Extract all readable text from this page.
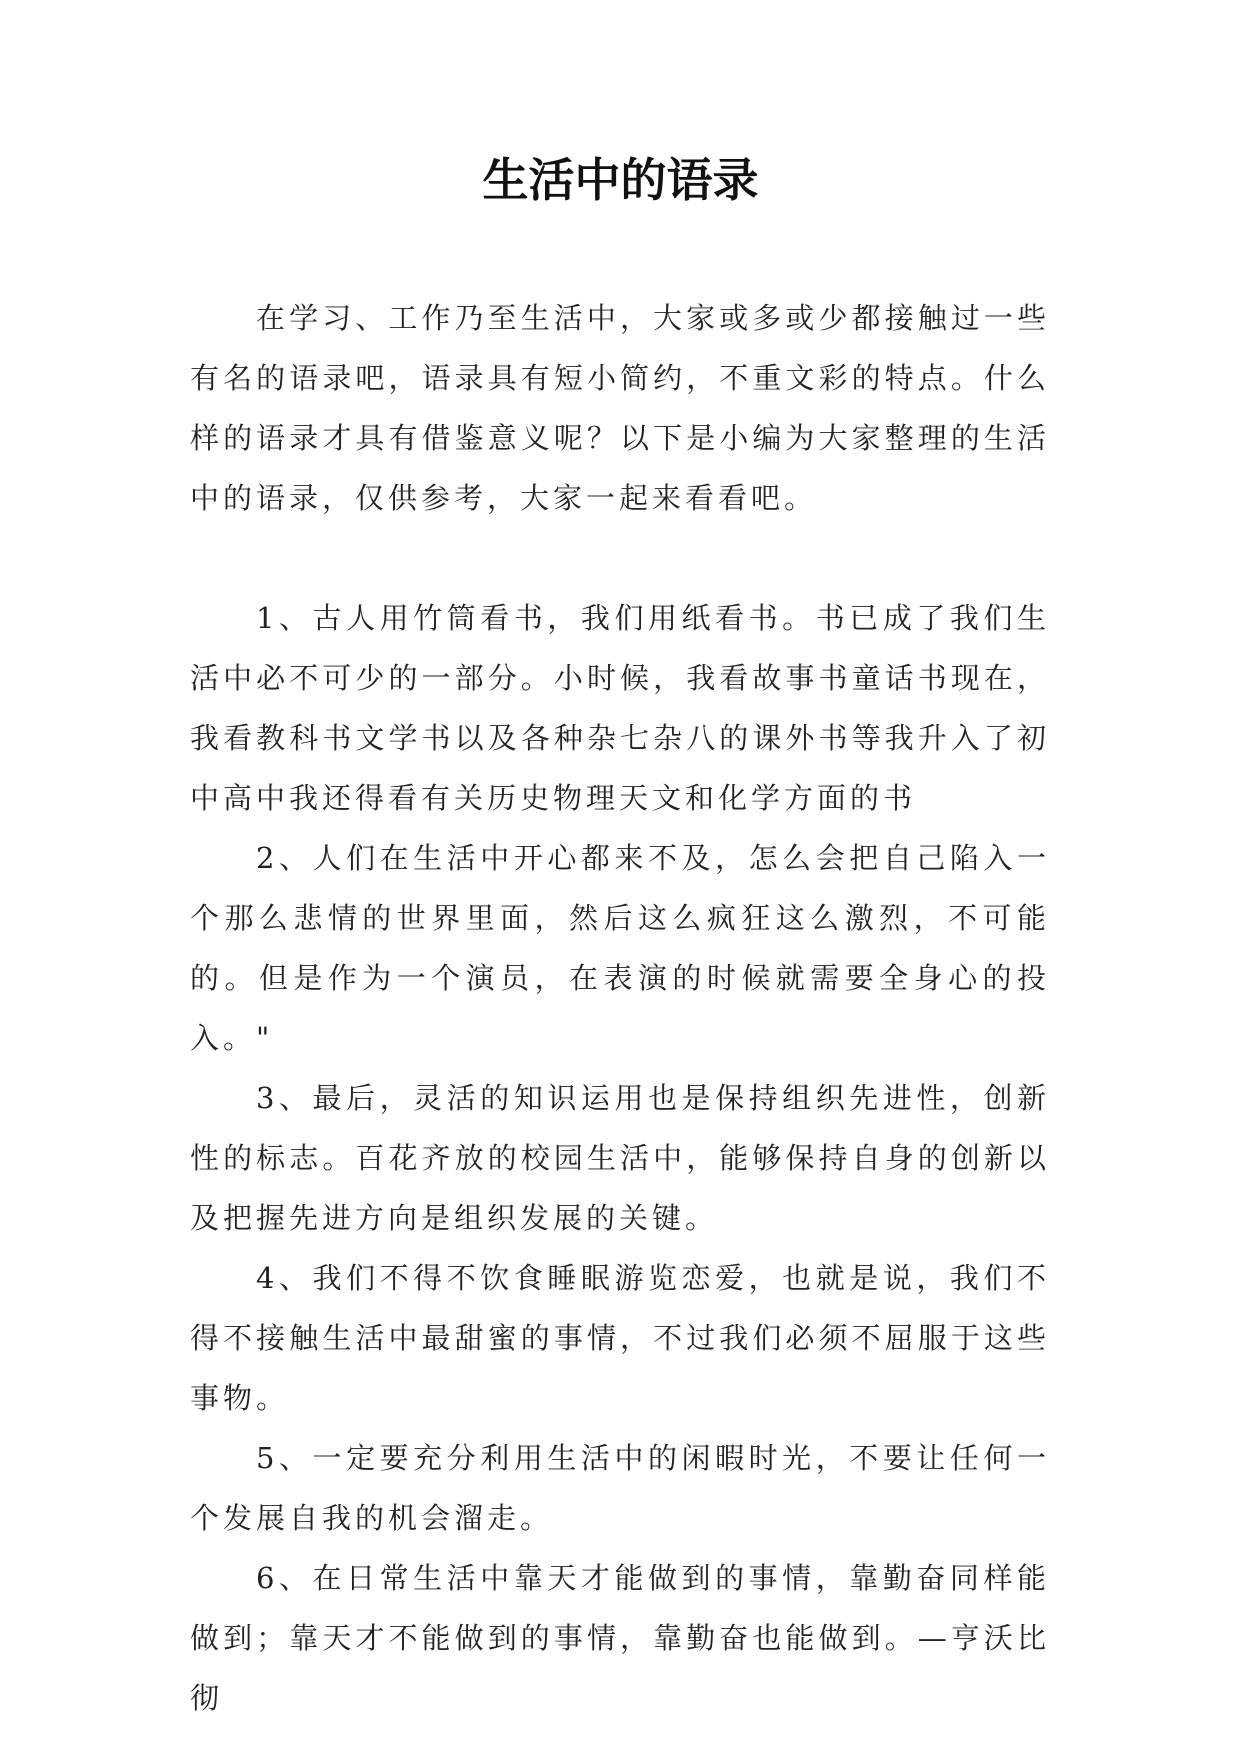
生活中的语录

在学习、工作乃至生活中，大家或多或少都接触过一些有名的语录吧，语录具有短小简约，不重文彩的特点。什么样的语录才具有借鉴意义呢？以下是小编为大家整理的生活中的语录，仅供参考，大家一起来看看吧。

1、古人用竹筒看书，我们用纸看书。书已成了我们生活中必不可少的一部分。小时候，我看故事书童话书现在，我看教科书文学书以及各种杂七杂八的课外书等我升入了初中高中我还得看有关历史物理天文和化学方面的书

2、人们在生活中开心都来不及，怎么会把自己陷入一个那么悲情的世界里面，然后这么疯狂这么激烈，不可能的。但是作为一个演员，在表演的时候就需要全身心的投入。"

3、最后，灵活的知识运用也是保持组织先进性，创新性的标志。百花齐放的校园生活中，能够保持自身的创新以及把握先进方向是组织发展的关键。

4、我们不得不饮食睡眠游览恋爱，也就是说，我们不得不接触生活中最甜蜜的事情，不过我们必须不屈服于这些事物。

5、一定要充分利用生活中的闲暇时光，不要让任何一个发展自我的机会溜走。

6、在日常生活中靠天才能做到的事情，靠勤奋同样能做到；靠天才不能做到的事情，靠勤奋也能做到。—亨沃比彻
